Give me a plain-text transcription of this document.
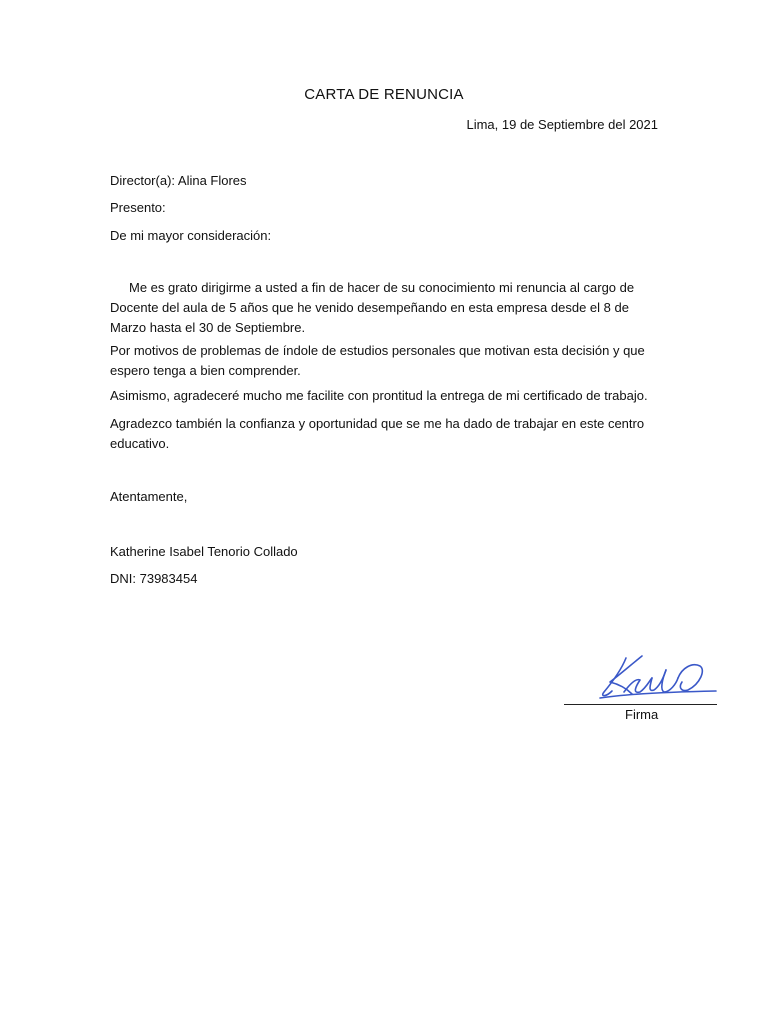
CARTA DE RENUNCIA
Lima, 19 de Septiembre del 2021
Director(a): Alina Flores
Presento:
De mi mayor consideración:
Me es grato dirigirme a usted a fin de hacer de su conocimiento mi renuncia al cargo de Docente del aula de 5 años que he venido desempeñando en esta empresa desde el 8 de Marzo hasta el 30 de Septiembre.
Por motivos de problemas de índole de estudios personales que motivan esta decisión y que espero tenga a bien comprender.
Asimismo, agradeceré mucho me facilite con prontitud la entrega de mi certificado de trabajo.
Agradezco también la confianza y oportunidad que se me ha dado de trabajar en este centro educativo.
Atentamente,
Katherine Isabel Tenorio Collado
DNI: 73983454
Firma
